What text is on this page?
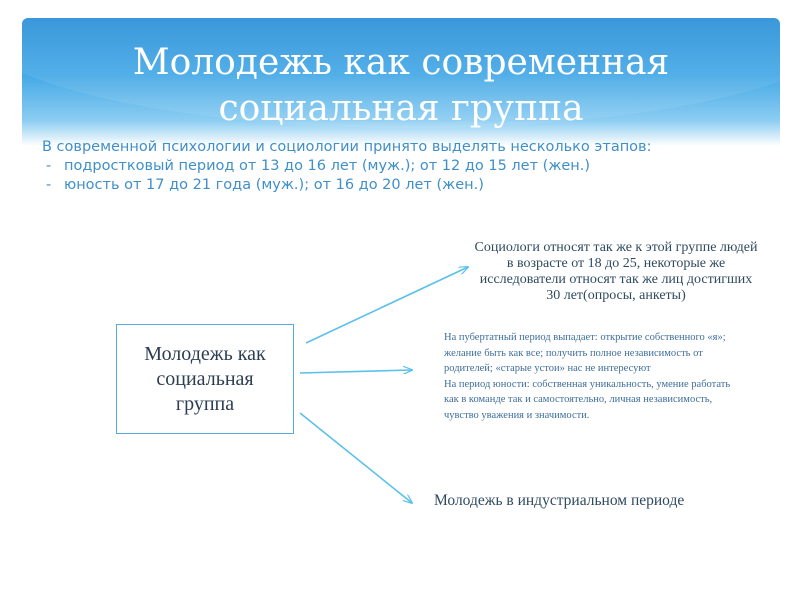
Молодежь как современная
социальная группа

В современной психологии и социологии принято выделять несколько этапов:

- подростковый период от 13 до 16 лет (муж.); от 12 до 15 лет (жен.)
- юность от 17 до 21 года (муж.); от 16 до 20 лет (жен.)
Молодежь как
социальная
группа
Социологи относят так же к этой группе людей в возрасте от 18 до 25, некоторые же исследователи относят так же лиц достигших 30 лет(опросы, анкеты)

На пубертатный период выпадает: открытие собственного «я»; желание быть как все; получить полное независимость от родителей; «старые устои» нас не интересуют

На период юности: собственная уникальность, умение работать как в команде так и самостоятельно, личная независимость, чувство уважения и значимости.

Молодежь в индустриальном периоде
